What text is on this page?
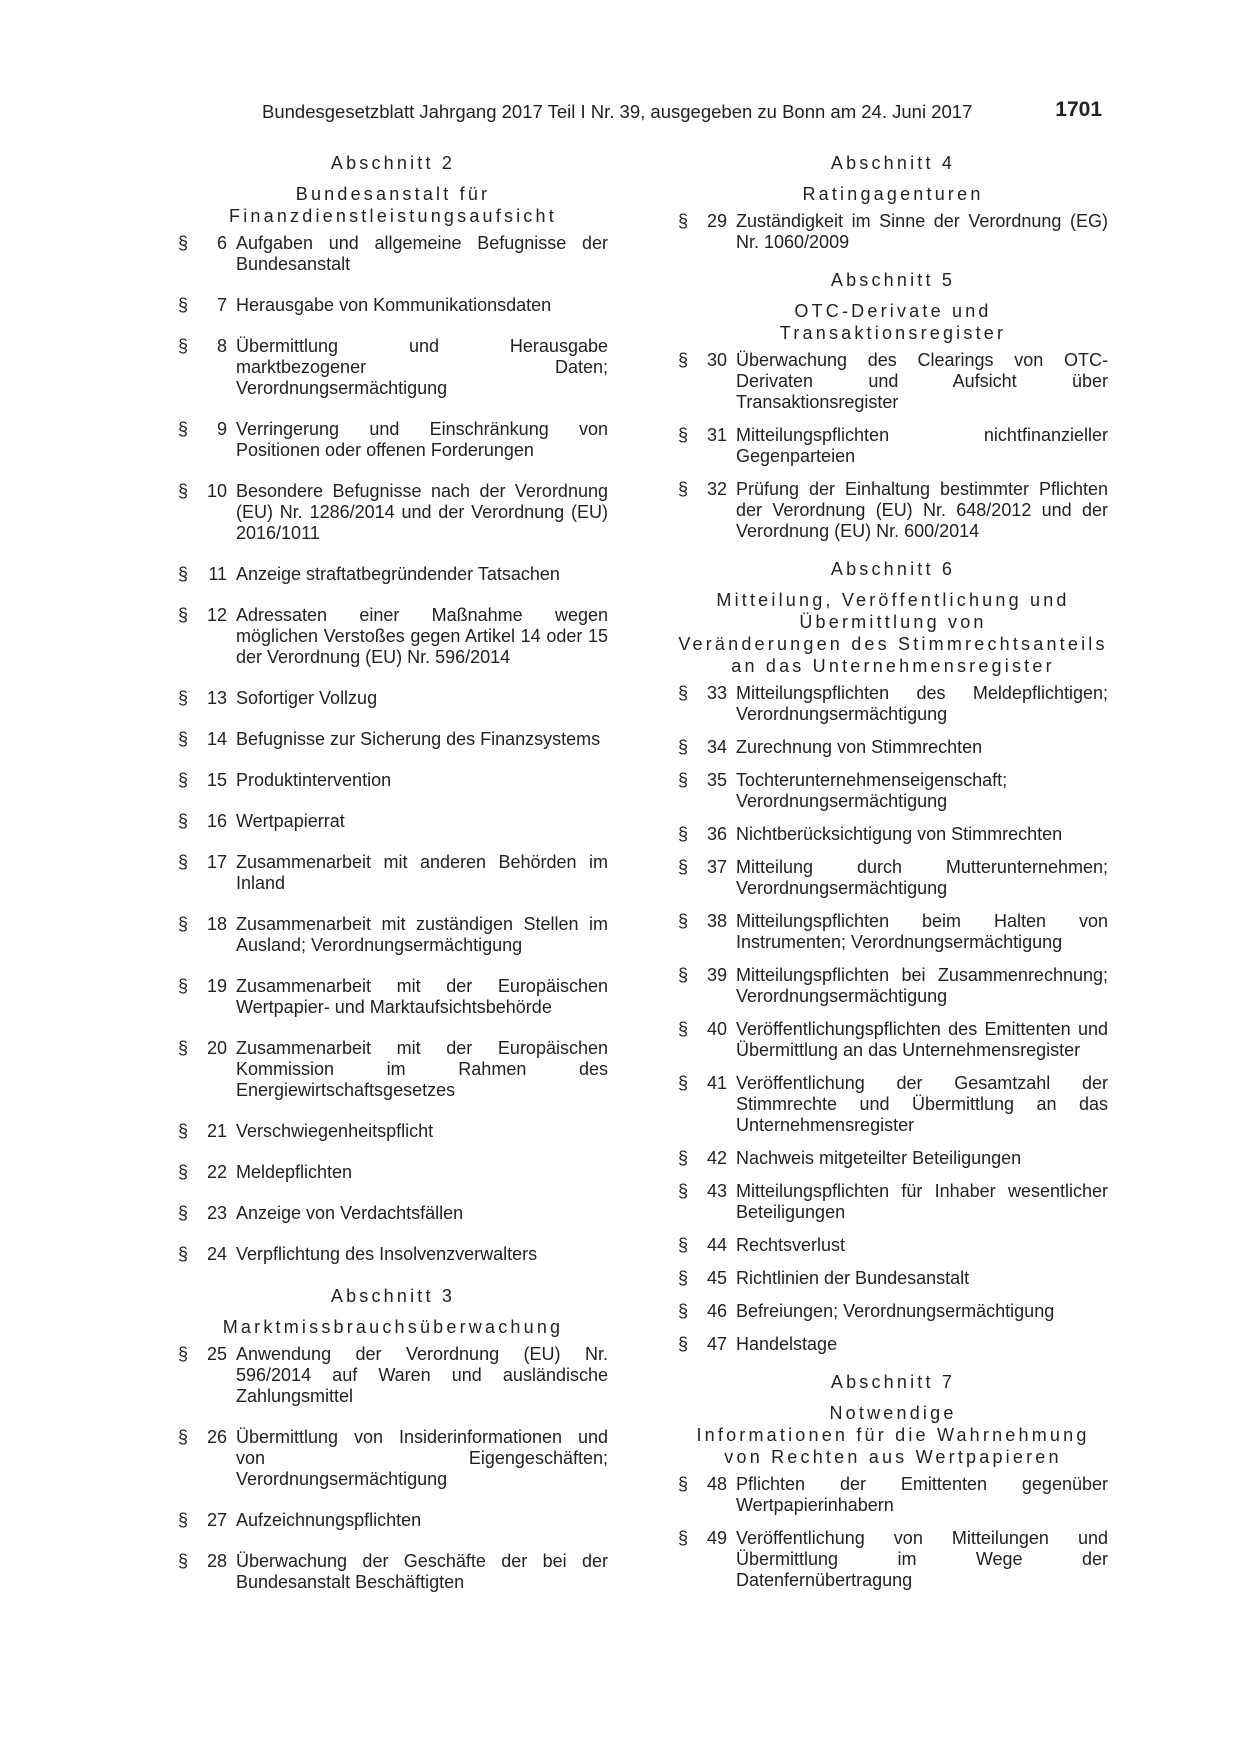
Bundesgesetzblatt Jahrgang 2017 Teil I Nr. 39, ausgegeben zu Bonn am 24. Juni 2017	1701
Abschnitt 2
Bundesanstalt für
Finanzdienstleistungsaufsicht
§	6 Aufgaben und allgemeine Befugnisse der Bundesanstalt
§	7 Herausgabe von Kommunikationsdaten
§	8 Übermittlung und Herausgabe marktbezogener Daten; Verordnungsermächtigung
§	9 Verringerung und Einschränkung von Positionen oder offenen Forderungen
§	10 Besondere Befugnisse nach der Verordnung (EU) Nr. 1286/2014 und der Verordnung (EU) 2016/1011
§	11 Anzeige straftatbegründender Tatsachen
§	12 Adressaten einer Maßnahme wegen möglichen Verstoßes gegen Artikel 14 oder 15 der Verordnung (EU) Nr. 596/2014
§	13 Sofortiger Vollzug
§	14 Befugnisse zur Sicherung des Finanzsystems
§	15 Produktintervention
§	16 Wertpapierrat
§	17 Zusammenarbeit mit anderen Behörden im Inland
§	18 Zusammenarbeit mit zuständigen Stellen im Ausland; Verordnungsermächtigung
§	19 Zusammenarbeit mit der Europäischen Wertpapier- und Marktaufsichtsbehörde
§	20 Zusammenarbeit mit der Europäischen Kommission im Rahmen des Energiewirtschaftsgesetzes
§	21 Verschwiegenheitspflicht
§	22 Meldepflichten
§	23 Anzeige von Verdachtsfällen
§	24 Verpflichtung des Insolvenzverwalters
Abschnitt 3
Marktmissbrauchsüberwachung
§	25 Anwendung der Verordnung (EU) Nr. 596/2014 auf Waren und ausländische Zahlungsmittel
§	26 Übermittlung von Insiderinformationen und von Eigengeschäften; Verordnungsermächtigung
§	27 Aufzeichnungspflichten
§	28 Überwachung der Geschäfte der bei der Bundesanstalt Beschäftigten
Abschnitt 4
Ratingagenturen
§	29 Zuständigkeit im Sinne der Verordnung (EG) Nr. 1060/2009
Abschnitt 5
OTC-Derivate und
Transaktionsregister
§	30 Überwachung des Clearings von OTC-Derivaten und Aufsicht über Transaktionsregister
§	31 Mitteilungspflichten nichtfinanzieller Gegenparteien
§	32 Prüfung der Einhaltung bestimmter Pflichten der Verordnung (EU) Nr. 648/2012 und der Verordnung (EU) Nr. 600/2014
Abschnitt 6
Mitteilung, Veröffentlichung und Übermittlung von
Veränderungen des Stimmrechtsanteils an das Unternehmensregister
§	33 Mitteilungspflichten des Meldepflichtigen; Verordnungsermächtigung
§	34 Zurechnung von Stimmrechten
§	35 Tochterunternehmenseigenschaft; Verordnungsermächtigung
§	36 Nichtberücksichtigung von Stimmrechten
§	37 Mitteilung durch Mutterunternehmen; Verordnungsermächtigung
§	38 Mitteilungspflichten beim Halten von Instrumenten; Verordnungsermächtigung
§	39 Mitteilungspflichten bei Zusammenrechnung; Verordnungsermächtigung
§	40 Veröffentlichungspflichten des Emittenten und Übermittlung an das Unternehmensregister
§	41 Veröffentlichung der Gesamtzahl der Stimmrechte und Übermittlung an das Unternehmensregister
§	42 Nachweis mitgeteilter Beteiligungen
§	43 Mitteilungspflichten für Inhaber wesentlicher Beteiligungen
§	44 Rechtsverlust
§	45 Richtlinien der Bundesanstalt
§	46 Befreiungen; Verordnungsermächtigung
§	47 Handelstage
Abschnitt 7
Notwendige
Informationen für die Wahrnehmung
von Rechten aus Wertpapieren
§	48 Pflichten der Emittenten gegenüber Wertpapierinhabern
§	49 Veröffentlichung von Mitteilungen und Übermittlung im Wege der Datenfernübertragung
